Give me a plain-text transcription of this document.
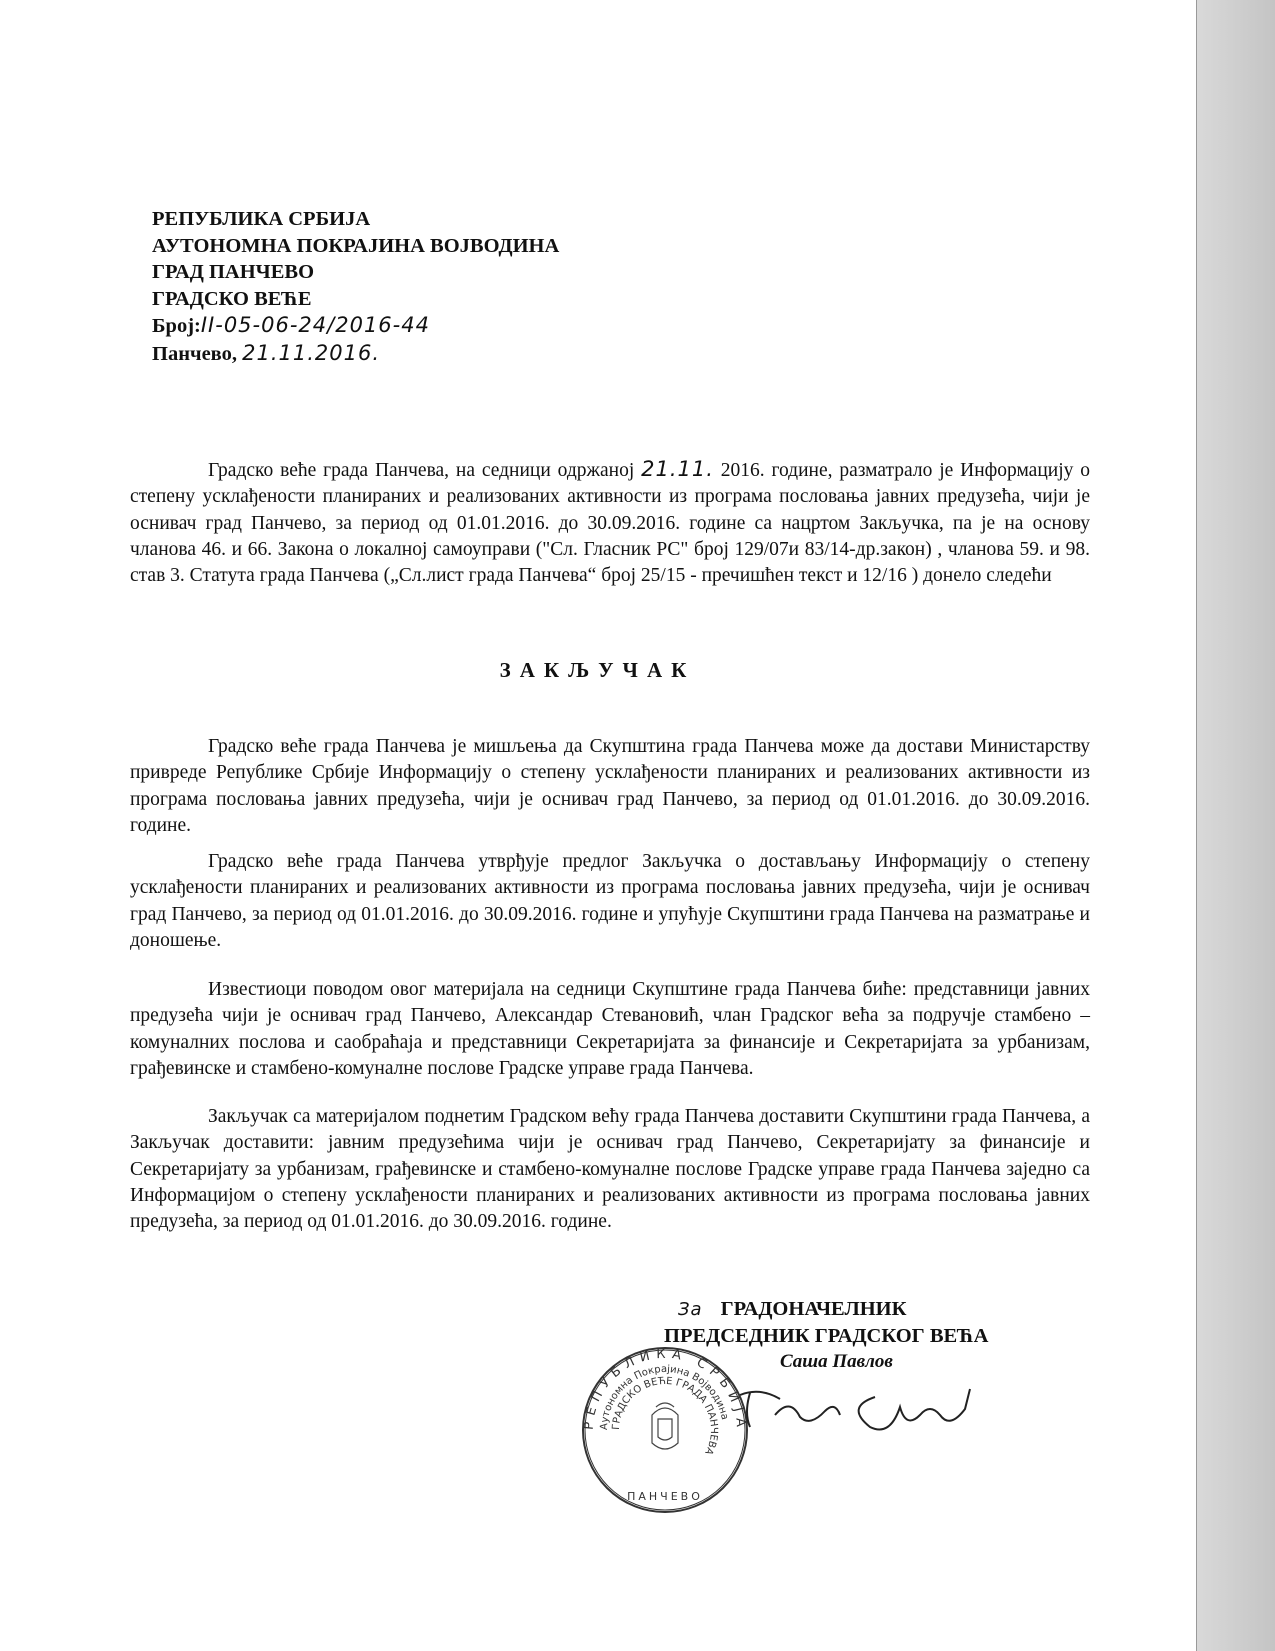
РЕПУБЛИКА СРБИЈА
АУТОНОМНА ПОКРАЈИНА ВОЈВОДИНА
ГРАД ПАНЧЕВО
ГРАДСКО ВЕЋЕ
Број:II-05-06-24/2016-44
Панчево, 21.11.2016.
Градско веће града Панчева, на седници одржаној 21.11. 2016. године, разматрало је Информацију о степену усклађености планираних и реализованих активности из програма пословања јавних предузећа, чији је оснивач град Панчево, за период од 01.01.2016. до 30.09.2016. године са нацртом Закључка, па је на основу чланова 46. и 66. Закона о локалној самоуправи ("Сл. Гласник РС" број 129/07и 83/14-др.закон) , чланова 59. и 98. став 3. Статута града Панчева („Сл.лист града Панчева“ број 25/15 - пречишћен текст и 12/16 ) донело следећи
ЗАКЉУЧАК
Градско веће града Панчева је мишљења да Скупштина града Панчева може да достави Министарству привреде Републике Србије Информацију о степену усклађености планираних и реализованих активности из програма пословања јавних предузећа, чији је оснивач град Панчево, за период од 01.01.2016. до 30.09.2016. године.
Градско веће града Панчева утврђује предлог Закључка о достављању Информацију о степену усклађености планираних и реализованих активности из програма пословања јавних предузећа, чији је оснивач град Панчево, за период од 01.01.2016. до 30.09.2016. године и упућује Скупштини града Панчева на разматрање и доношење.
Известиоци поводом овог материјала на седници Скупштине града Панчева биће: представници јавних предузећа чији је оснивач град Панчево, Александар Стевановић, члан Градског већа за подручје стамбено – комуналних послова и саобраћаја и представници Секретаријата за финансије и Секретаријата за урбанизам, грађевинске и стамбено-комуналне послове Градске управе града Панчева.
Закључак са материјалом поднетим Градском већу града Панчева доставити Скупштини града Панчева, а Закључак доставити: јавним предузећима чији је оснивач град Панчево, Секретаријату за финансије и Секретаријату за урбанизам, грађевинске и стамбено-комуналне послове Градске управе града Панчева заједно са Информацијом о степену усклађености планираних и реализованих активности из програма пословања јавних предузећа, за период од 01.01.2016. до 30.09.2016. године.
РЕПУБЛИКА СРБИЈА
Аутономна Покрајина Војводина
ГРАДСКО ВЕЋЕ ГРАДА ПАНЧЕВА
ПАНЧЕВО
За ГРАДОНАЧЕЛНИК
ПРЕДСЕДНИК ГРАДСКОГ ВЕЋА
Саша Павлов
